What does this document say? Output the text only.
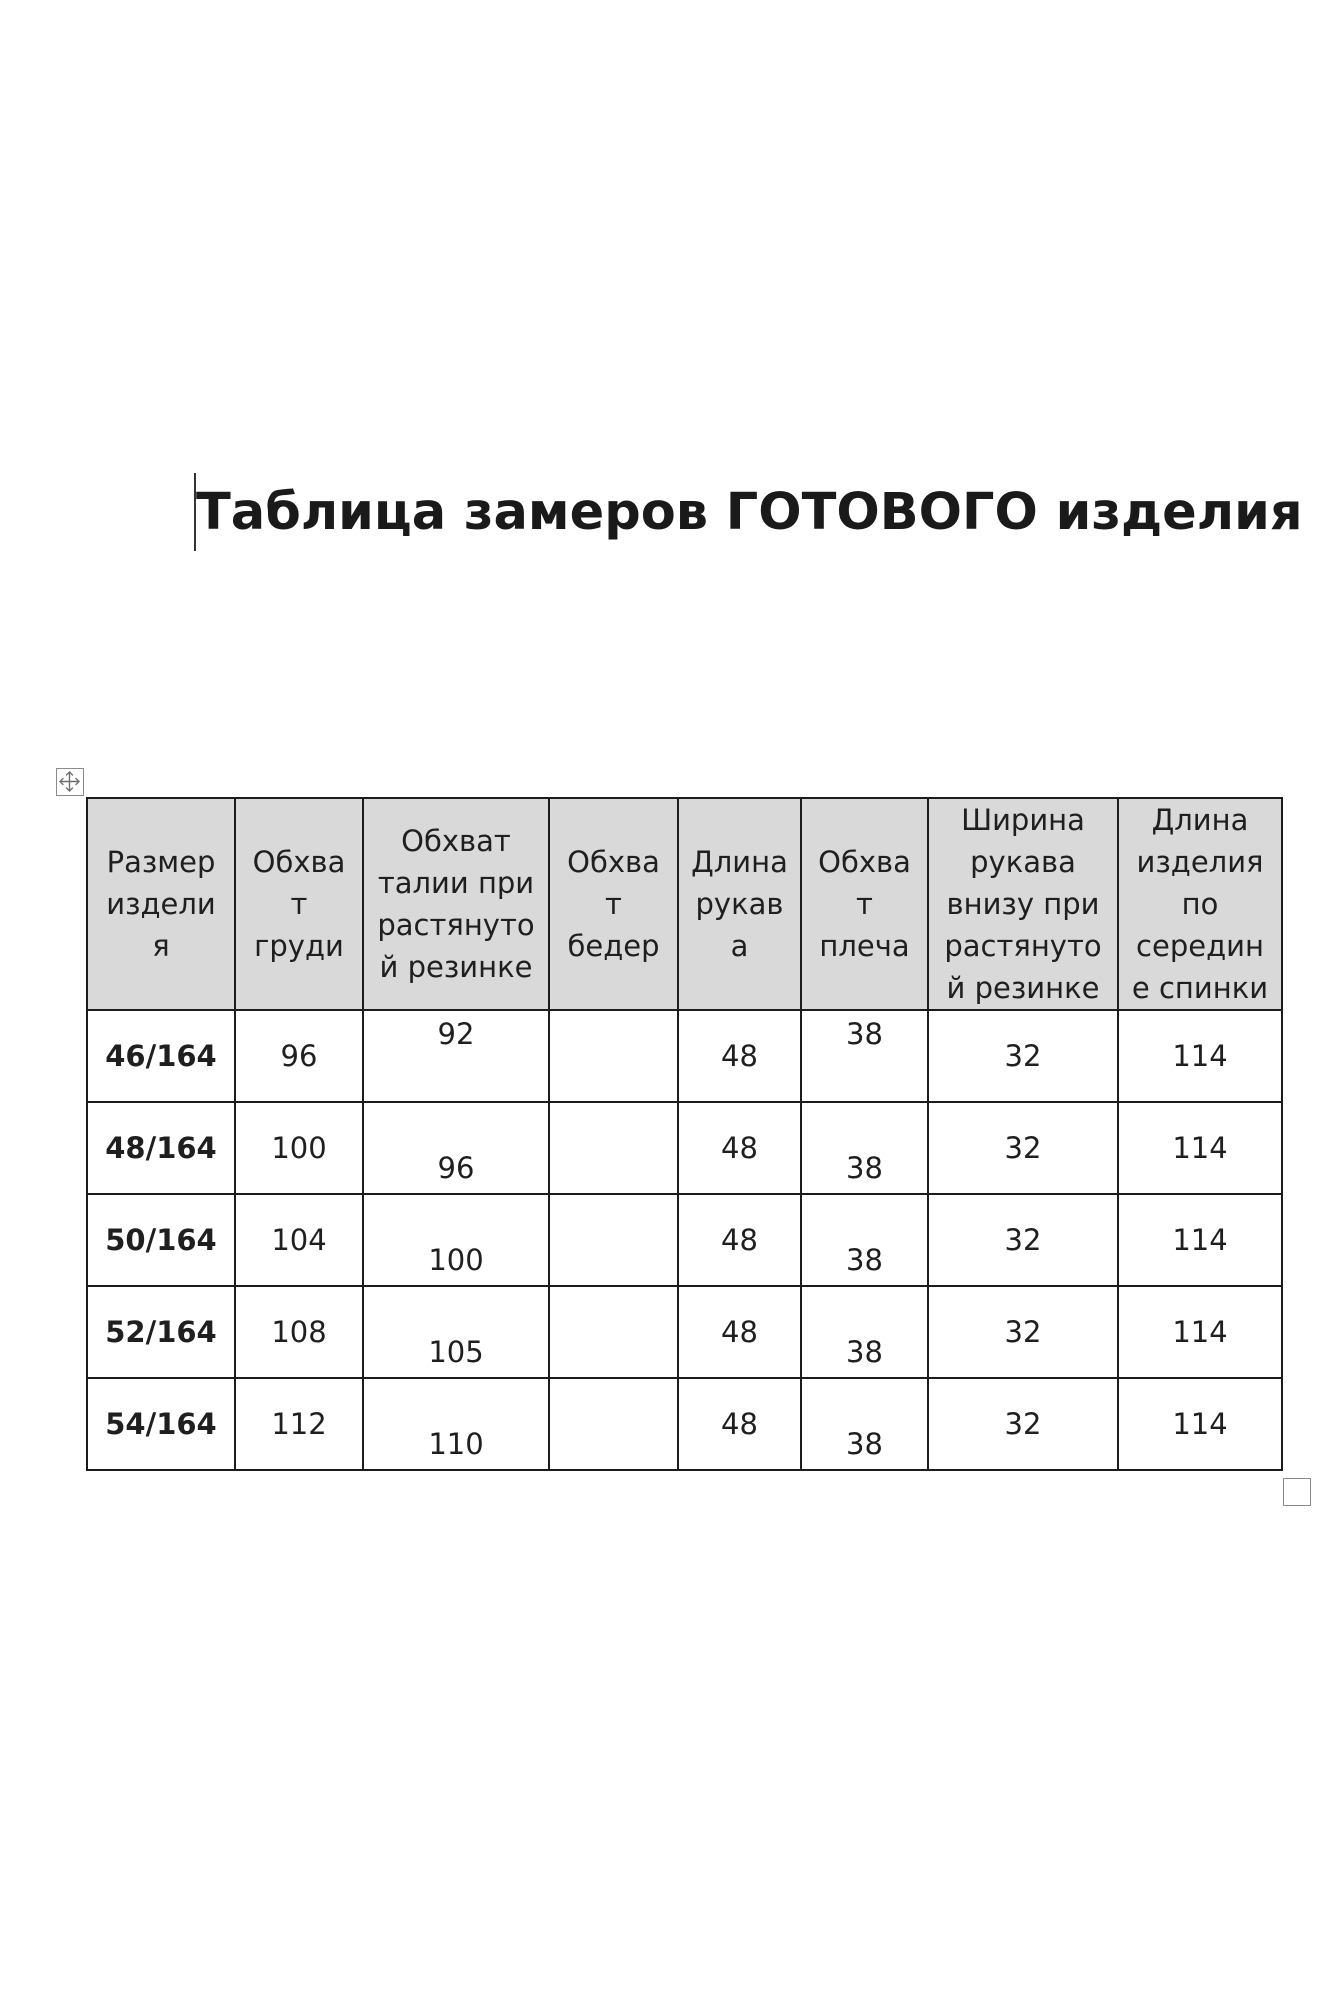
Таблица замеров ГОТОВОГО изделия
Размер
издели
я	Обхва
т
груди	Обхват
талии при
растянуто
й резинке	Обхва
т
бедер	Длина
рукав
а	Обхва
т
плеча	Ширина
рукава
внизу при
растянуто
й резинке	Длина
изделия
по
середин
е спинки

46/164	96	92		48	38	32	114
48/164	100	96		48	38	32	114
50/164	104	100		48	38	32	114
52/164	108	105		48	38	32	114
54/164	112	110		48	38	32	114
